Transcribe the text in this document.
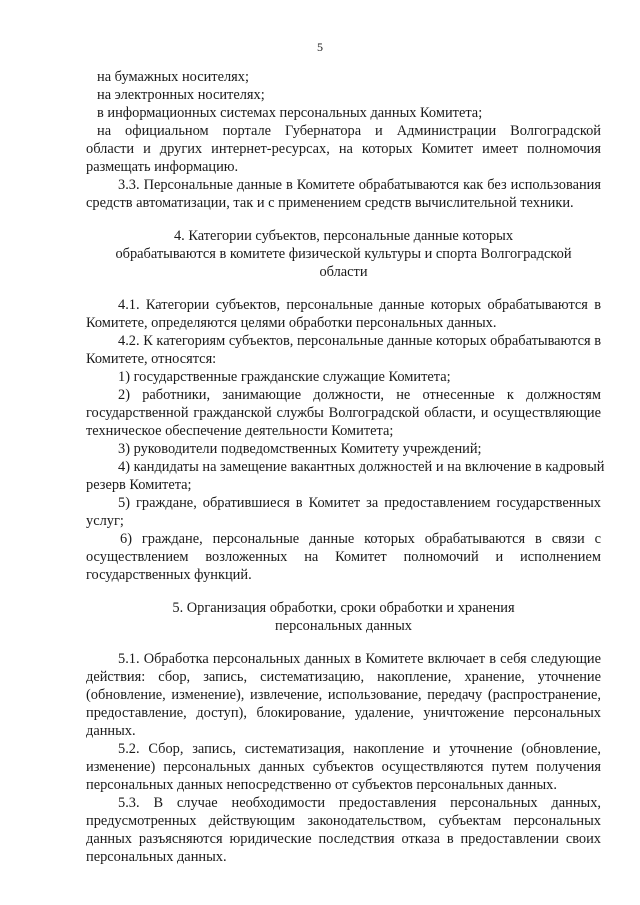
5
на бумажных носителях;
на электронных носителях;
в информационных системах персональных данных Комитета;
на официальном портале Губернатора и Администрации Волгоградской
области и других интернет-ресурсах, на которых Комитет имеет полномочия
размещать информацию.
3.3. Персональные данные в Комитете обрабатываются как без использования
средств автоматизации, так и с применением средств вычислительной техники.
4. Категории субъектов, персональные данные которых
обрабатываются в комитете физической культуры и спорта Волгоградской
области
4.1. Категории субъектов, персональные данные которых обрабатываются в
Комитете, определяются целями обработки персональных данных.
4.2. К категориям субъектов, персональные данные которых обрабатываются в
Комитете, относятся:
1) государственные гражданские служащие Комитета;
2) работники, занимающие должности, не отнесенные к должностям
государственной гражданской службы Волгоградской области, и осуществляющие
техническое обеспечение деятельности Комитета;
3) руководители подведомственных Комитету учреждений;
4) кандидаты на замещение вакантных должностей и на включение в кадровый
резерв Комитета;
5) граждане, обратившиеся в Комитет за предоставлением государственных
услуг;
6) граждане, персональные данные которых обрабатываются в связи с
осуществлением возложенных на Комитет полномочий и исполнением
государственных функций.
5. Организация обработки, сроки обработки и хранения
персональных данных
5.1. Обработка персональных данных в Комитете включает в себя следующие
действия: сбор, запись, систематизацию, накопление, хранение, уточнение
(обновление, изменение), извлечение, использование, передачу (распространение,
предоставление, доступ), блокирование, удаление, уничтожение персональных
данных.
5.2. Сбор, запись, систематизация, накопление и уточнение (обновление,
изменение) персональных данных субъектов осуществляются путем получения
персональных данных непосредственно от субъектов персональных данных.
5.3. В случае необходимости предоставления персональных данных,
предусмотренных действующим законодательством, субъектам персональных
данных разъясняются юридические последствия отказа в предоставлении своих
персональных данных.
